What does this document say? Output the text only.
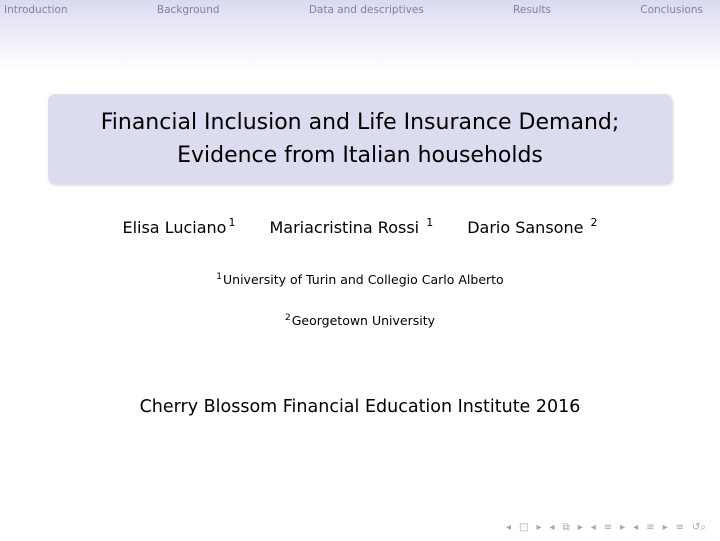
Introduction	Background	Data and descriptives	Results	Conclusions
Financial Inclusion and Life Insurance Demand;
Evidence from Italian households
Elisa Luciano $^1$ Mariacristina Rossi $^1$ Dario Sansone $^2$
$^1$University of Turin and Collegio Carlo Alberto
$^2$Georgetown University
Cherry Blossom Financial Education Institute 2016
◂ □ ▸ ◂ ⧉ ▸ ◂ ≡ ▸ ◂ ≡ ▸ ≡ ↺⌕
